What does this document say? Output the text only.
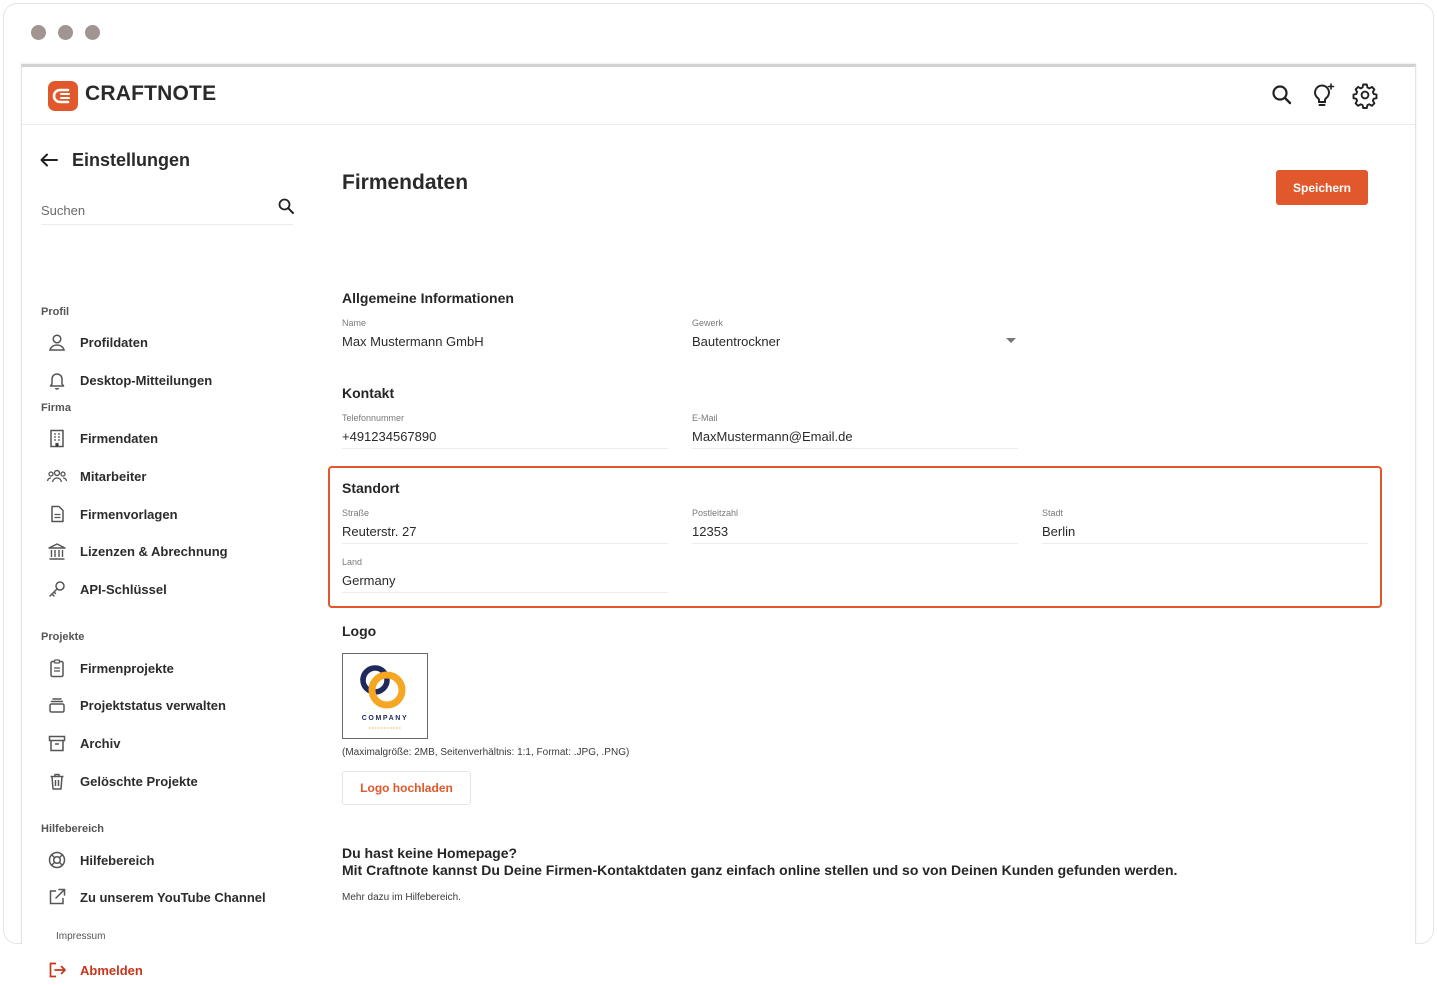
CRAFTNOTE
Einstellungen
Suchen
Profil
Profildaten
Desktop-Mitteilungen
Firma
Firmendaten
Mitarbeiter
Firmenvorlagen
Lizenzen & Abrechnung
API-Schlüssel
Projekte
Firmenprojekte
Projektstatus verwalten
Archiv
Gelöschte Projekte
Hilfebereich
Hilfebereich
Zu unserem YouTube Channel
Abmelden
Firmendaten	Speichern
Allgemeine Informationen
Name
Max Mustermann GmbH
Gewerk
Bautentrockner
Kontakt
Telefonnummer
+491234567890
E-Mail
MaxMustermann@Email.de
Standort
Straße
Reuterstr. 27
Postleitzahl
12353
Stadt
Berlin
Land
Germany
Logo
COMPANY
(Maximalgröße: 2MB, Seitenverhältnis: 1:1, Format: .JPG, .PNG)
Logo hochladen
Du hast keine Homepage?
Mit Craftnote kannst Du Deine Firmen-Kontaktdaten ganz einfach online stellen und so von Deinen Kunden gefunden werden.
Mehr dazu im Hilfebereich.
Impressum
